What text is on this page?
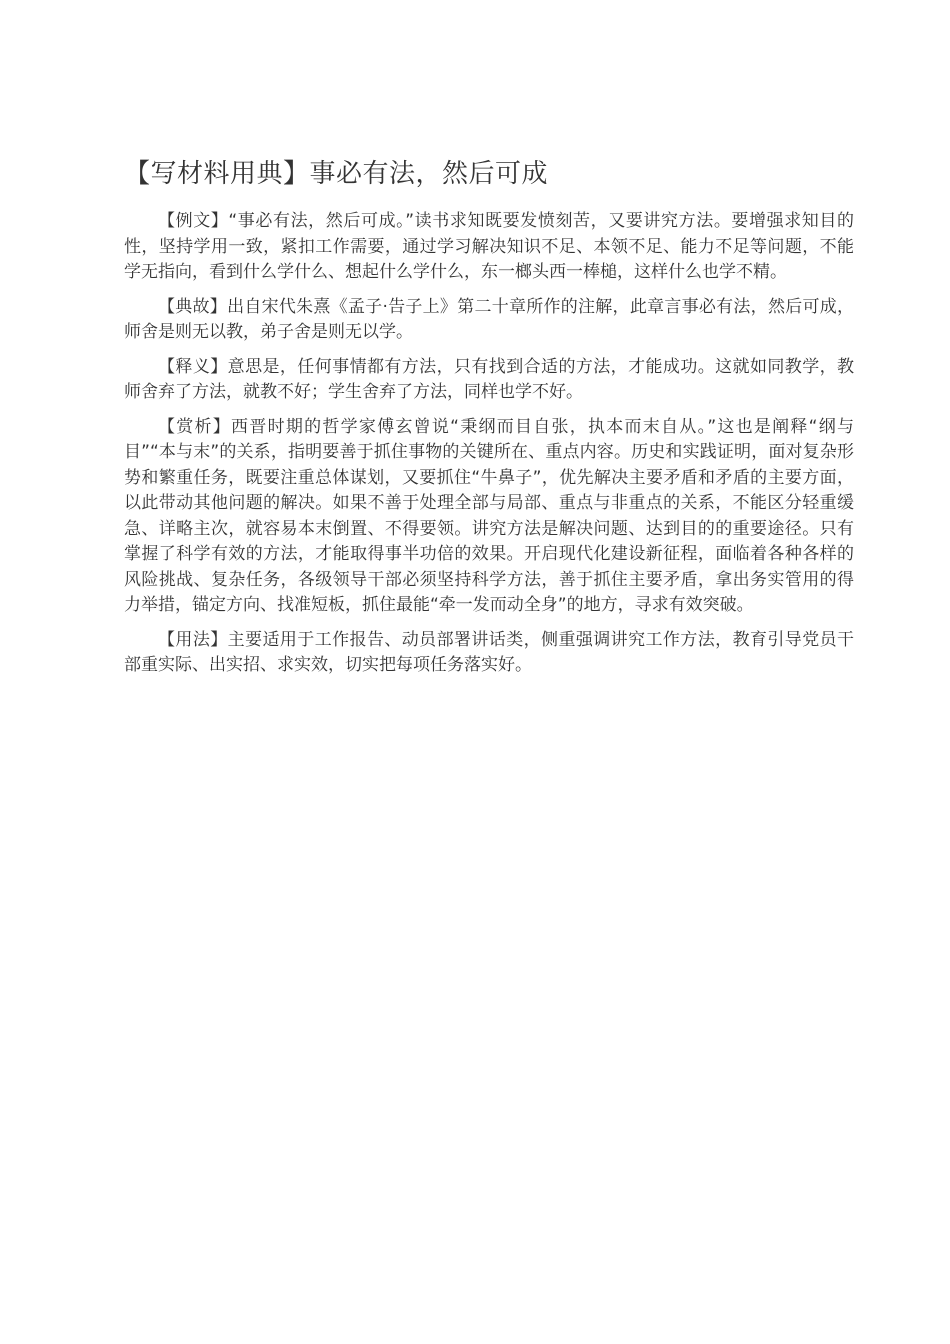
【写材料用典】事必有法，然后可成

【例文】“事必有法，然后可成。”读书求知既要发愤刻苦，又要讲究方法。要增强求知目的性，坚持学用一致，紧扣工作需要，通过学习解决知识不足、本领不足、能力不足等问题，不能学无指向，看到什么学什么、想起什么学什么，东一榔头西一棒槌，这样什么也学不精。

【典故】出自宋代朱熹《孟子·告子上》第二十章所作的注解，此章言事必有法，然后可成，师舍是则无以教，弟子舍是则无以学。

【释义】意思是，任何事情都有方法，只有找到合适的方法，才能成功。这就如同教学，教师舍弃了方法，就教不好；学生舍弃了方法，同样也学不好。

【赏析】西晋时期的哲学家傅玄曾说“秉纲而目自张，执本而末自从。”这也是阐释“纲与目”“本与末”的关系，指明要善于抓住事物的关键所在、重点内容。历史和实践证明，面对复杂形势和繁重任务，既要注重总体谋划，又要抓住“牛鼻子”，优先解决主要矛盾和矛盾的主要方面，以此带动其他问题的解决。如果不善于处理全部与局部、重点与非重点的关系，不能区分轻重缓急、详略主次，就容易本末倒置、不得要领。讲究方法是解决问题、达到目的的重要途径。只有掌握了科学有效的方法，才能取得事半功倍的效果。开启现代化建设新征程，面临着各种各样的风险挑战、复杂任务，各级领导干部必须坚持科学方法，善于抓住主要矛盾，拿出务实管用的得力举措，锚定方向、找准短板，抓住最能“牵一发而动全身”的地方，寻求有效突破。

【用法】主要适用于工作报告、动员部署讲话类，侧重强调讲究工作方法，教育引导党员干部重实际、出实招、求实效，切实把每项任务落实好。
